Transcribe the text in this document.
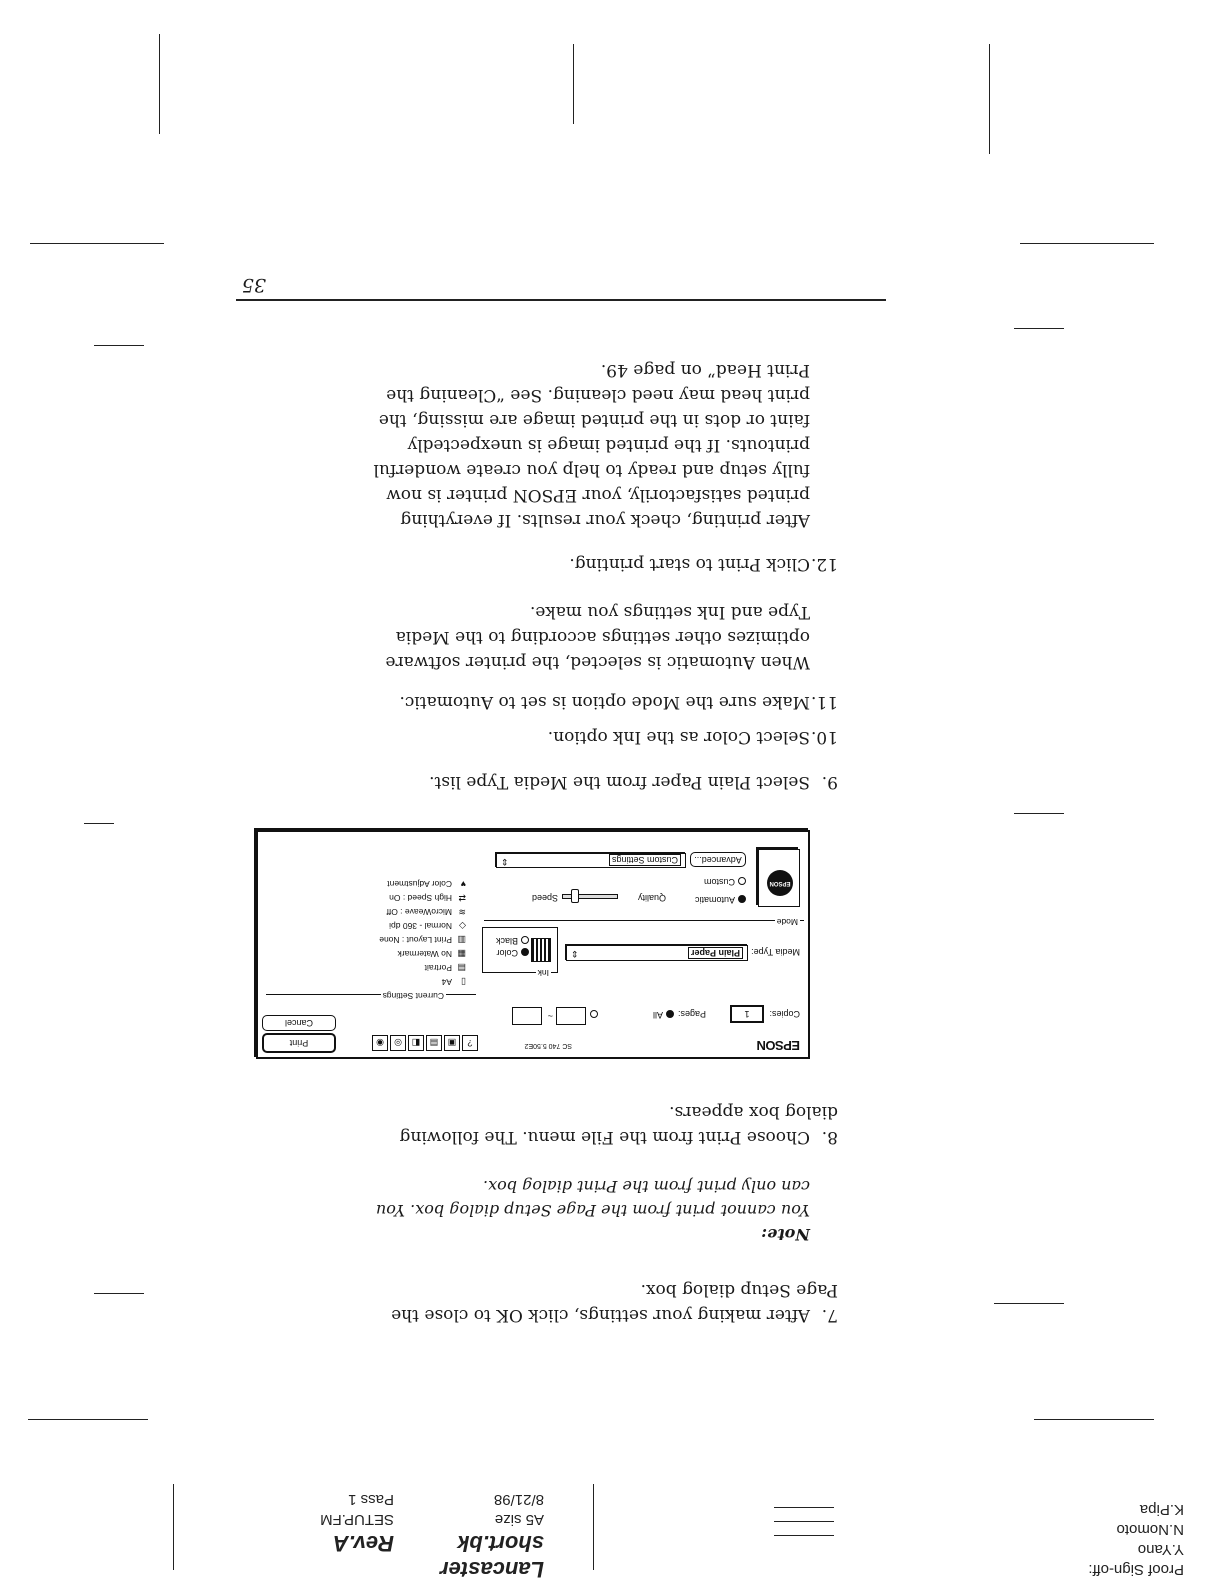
Proof Sign-off:
Y.Yano
N.Nomoto
K.Pipa
Lancaster
short.bk
A5 size
8/21/98
Rev.A
SETUP.FM
Pass 1
7.After making your settings, click OK to close the Page Setup dialog box.
Note:
You cannot print from the Page Setup dialog box. You can only print from the Print dialog box.
8.Choose Print from the File menu. The following dialog box appears.
EPSON
SC 740 5.50E2
?
▣
▤
◧
◎
◉
Print
Cancel
Copies:
1
Pages:
All
~
Media Type:
Plain Paper
⇕
Ink
Color
Black
Current Settings
▯
A4
▤
Portrait
▦
No Watermark
▥
Print Layout : None
◇
Normal - 360 dpi
≋
MicroWeave : Off
⇄
High Speed : On
♥
Color Adjustment
Mode
EPSON
Automatic
Custom
Quality
Speed
Advanced...
Custom Settings
⇕
9.Select Plain Paper from the Media Type list.
10.Select Color as the Ink option.
11.Make sure the Mode option is set to Automatic.
When Automatic is selected, the printer software optimizes other settings according to the Media Type and Ink settings you make.
12.Click Print to start printing.
After printing, check your results. If everything printed satisfactorily, your EPSON printer is now fully setup and ready to help you create wonderful printouts. If the printed image is unexpectedly faint or dots in the printed image are missing, the print head may need cleaning. See “Cleaning the Print Head” on page 49.
35
